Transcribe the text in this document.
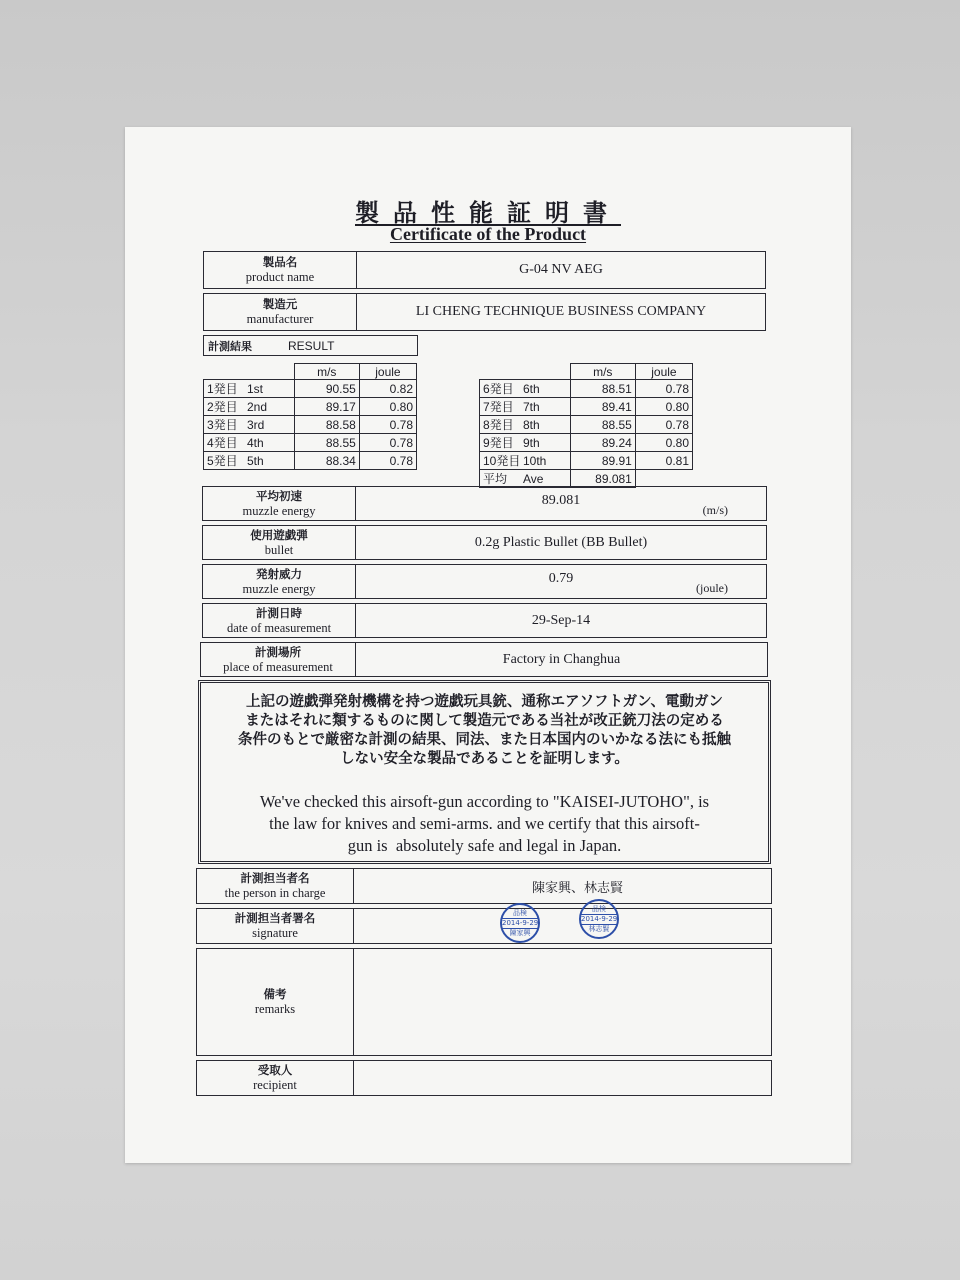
製品性能証明書
Certificate of the Product
製品名
product name	G-04 NV AEG
製造元
manufacturer	LI CHENG TECHNIQUE BUSINESS COMPANY
計測結果	RESULT
	m/s	joule
1発目 1st	90.55	0.82
2発目 2nd	89.17	0.80
3発目 3rd	88.58	0.78
4発目 4th	88.55	0.78
5発目 5th	88.34	0.78
	m/s	joule
6発目 6th	88.51	0.78
7発目 7th	89.41	0.80
8発目 8th	88.55	0.78
9発目 9th	89.24	0.80
10発目 10th	89.91	0.81
平均 Ave	89.081	
平均初速
muzzle energy
89.081
(m/s)
使用遊戯弾
bullet	0.2g Plastic Bullet (BB Bullet)
発射威力
muzzle energy
0.79
(joule)
計測日時
date of measurement	29-Sep-14
計測場所
place of measurement	Factory in Changhua
上記の遊戯弾発射機構を持つ遊戯玩具銃、通称エアソフトガン、電動ガン
またはそれに類するものに関して製造元である当社が改正銃刀法の定める
条件のもとで厳密な計測の結果、同法、また日本国内のいかなる法にも抵触
しない安全な製品であることを証明します。
We've checked this airsoft-gun according to "KAISEI-JUTOHO", is
the law for knives and semi-arms. and we certify that this airsoft-
gun is  absolutely safe and legal in Japan.
計測担当者名
the person in charge	陳家興、林志賢
計測担当者署名
signature
品検
2014-9-29
陳家興
品検
2014-9-29
林志賢
備考
remarks
受取人
recipient
